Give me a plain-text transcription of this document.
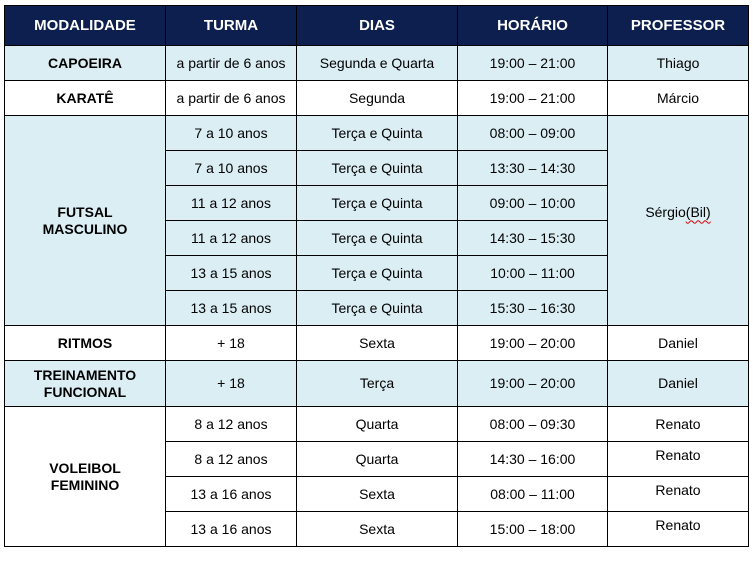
MODALIDADE	TURMA	DIAS	HORÁRIO	PROFESSOR
CAPOEIRA	a partir de 6 anos	Segunda e Quarta	19:00 – 21:00	Thiago
KARATÊ	a partir de 6 anos	Segunda	19:00 – 21:00	Márcio
FUTSAL
MASCULINO	7 a 10 anos	Terça e Quinta	08:00 – 09:00	Sérgio(Bil)
	7 a 10 anos	Terça e Quinta	13:30 – 14:30	
	11 a 12 anos	Terça e Quinta	09:00 – 10:00	
	11 a 12 anos	Terça e Quinta	14:30 – 15:30	
	13 a 15 anos	Terça e Quinta	10:00 – 11:00	
	13 a 15 anos	Terça e Quinta	15:30 – 16:30	
RITMOS	+ 18	Sexta	19:00 – 20:00	Daniel
TREINAMENTO
FUNCIONAL	+ 18	Terça	19:00 – 20:00	Daniel
VOLEIBOL
FEMININO	8 a 12 anos	Quarta	08:00 – 09:30	Renato
	8 a 12 anos	Quarta	14:30 – 16:00	Renato
	13 a 16 anos	Sexta	08:00 – 11:00	Renato
	13 a 16 anos	Sexta	15:00 – 18:00	Renato
